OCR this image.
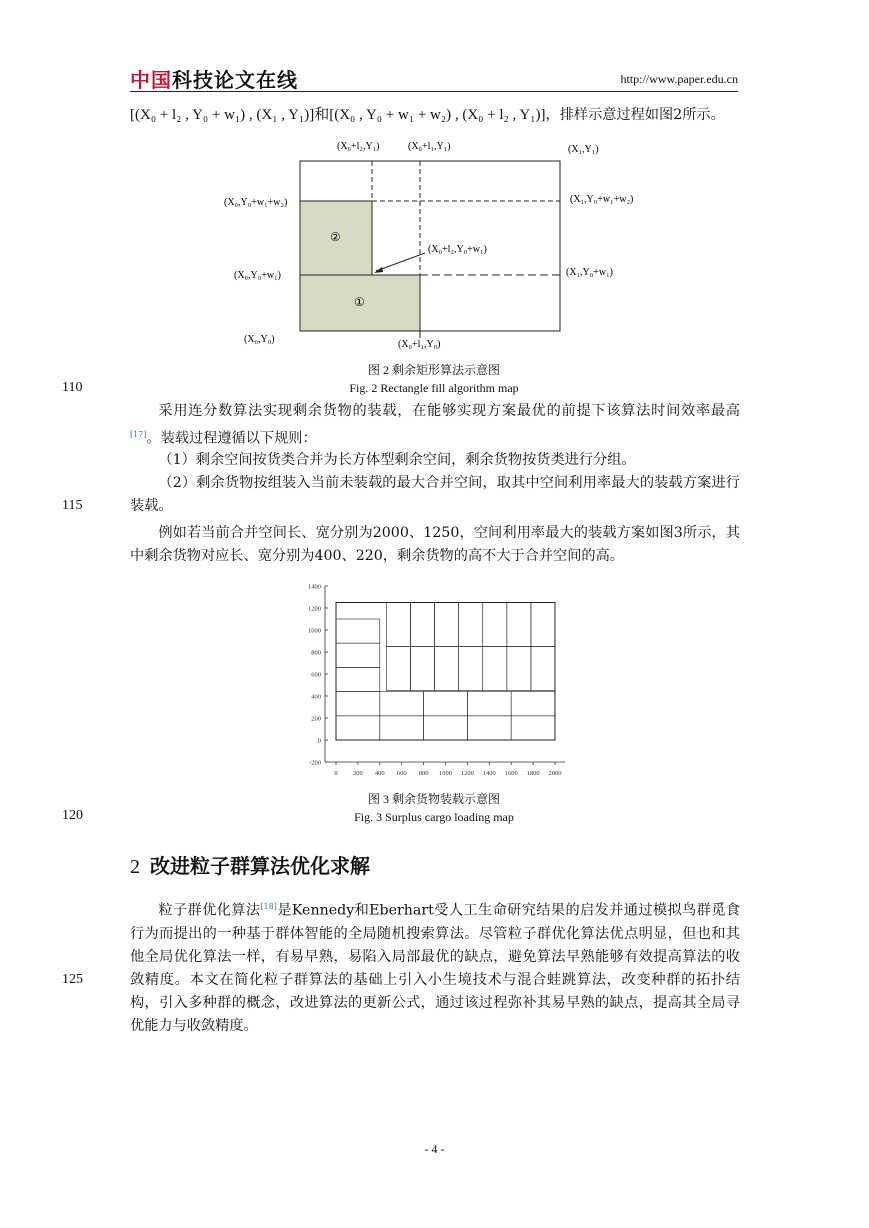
中国科技论文在线	http://www.paper.edu.cn
[(X₀ + l₂ , Y₀ + w₁) , (X₁ , Y₁)]和[(X₀ , Y₀ + w₁ + w₂) , (X₀ + l₂ , Y₁)]，排样示意过程如图2所示。
(X₀+l₂,Y₁)	(X₀+l₁,Y₁)	(X₁,Y₁)
(X₀,Y₀+w₁+w₂)	(X₁,Y₀+w₁+w₂)
②
(X₀+l₂,Y₀+w₁)
(X₀,Y₀+w₁)	(X₁,Y₀+w₁)
①
(X₀,Y₀)	(X₀+l₁,Y₀)
图 2 剩余矩形算法示意图
110	Fig. 2 Rectangle fill algorithm map
采用连分数算法实现剩余货物的装载，在能够实现方案最优的前提下该算法时间效率最高[17]。装载过程遵循以下规则：
（1）剩余空间按货类合并为长方体型剩余空间，剩余货物按货类进行分组。
（2）剩余货物按组装入当前未装载的最大合并空间，取其中空间利用率最大的装载方案进行装载。
115
例如若当前合并空间长、宽分别为2000、1250，空间利用率最大的装载方案如图3所示，其中剩余货物对应长、宽分别为400、220，剩余货物的高不大于合并空间的高。
-200
0
200
400
600
800
1000
1200
1400
0 200 400 600 800 1000 1200 1400 1600 1800 2000
图 3 剩余货物装载示意图
120	Fig. 3 Surplus cargo loading map
2 改进粒子群算法优化求解
粒子群优化算法[18]是Kennedy和Eberhart受人工生命研究结果的启发并通过模拟鸟群觅食行为而提出的一种基于群体智能的全局随机搜索算法。尽管粒子群优化算法优点明显，但也和其他全局优化算法一样，有易早熟，易陷入局部最优的缺点，避免算法早熟能够有效提高算法的收敛精度。本文在简化粒子群算法的基础上引入小生境技术与混合蛙跳算法，改变种群的拓扑结构，引入多种群的概念，改进算法的更新公式，通过该过程弥补其易早熟的缺点，提高其全局寻优能力与收敛精度。
125
- 4 -
